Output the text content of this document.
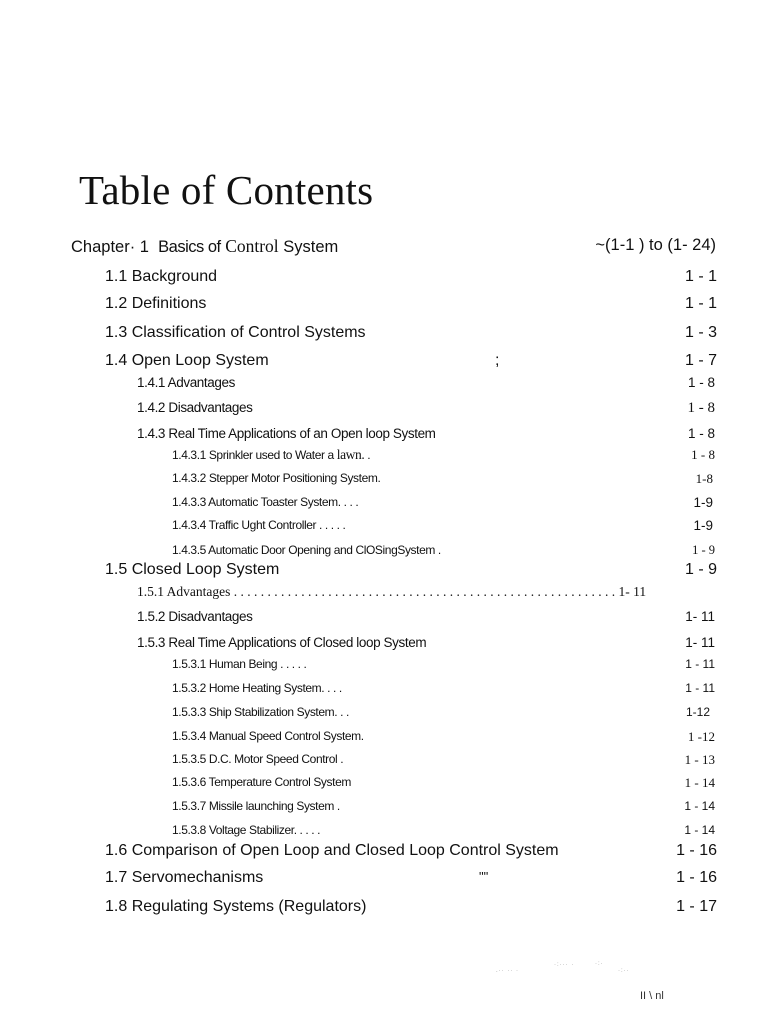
Table of Contents
Chapter· 1 Basics of Control System	~(1-1 ) to (1- 24)
1.1 Background	1 - 1
1.2 Definitions	1 - 1
1.3 Classification of Control Systems	1 - 3
1.4 Open Loop System	;	1 - 7
1.4.1 Advantages	1 - 8
1.4.2 Disadvantages	1 - 8
1.4.3 Real Time Applications of an Open loop System	1 - 8
1.4.3.1 Sprinkler used to Water a lawn. .	1 - 8
1.4.3.2 Stepper Motor Positioning System.	1-8
1.4.3.3 Automatic Toaster System. . . .	1-9
1.4.3.4 Traffic Ught Controller . . . . .	1-9
1.4.3.5 Automatic Door Opening and ClOSingSystem .	1 - 9
1.5 Closed Loop System	1 - 9
1.5.1 Advantages . . . . . . . . . . . . . . . . . . . . . . . . . . . . . . . . . . . . . . . . . . . . . . . . . . . . . . . . . 1- 11
1.5.2 Disadvantages	1- 11
1.5.3 Real Time Applications of Closed loop System	1- 11
1.5.3.1 Human Being . . . . .	1 - 11
1.5.3.2 Home Heating System. . . .	1 - 11
1.5.3.3 Ship Stabilization System. . .	1-12
1.5.3.4 Manual Speed Control System.	1 -12
1.5.3.5 D.C. Motor Speed Control .	1 - 13
1.5.3.6 Temperature Control System	1 - 14
1.5.3.7 Missile launching System .	1 - 14
1.5.3.8 Voltage Stabilizer. . . . .	1 - 14
1.6 Comparison of Open Loop and Closed Loop Control System	1 - 16
1.7 Servomechanisms	""	1 - 16
1.8 Regulating Systems (Regulators)	1 - 17
.·· ·· ·
·:··· ·	·:·
·:··
II \ nl
